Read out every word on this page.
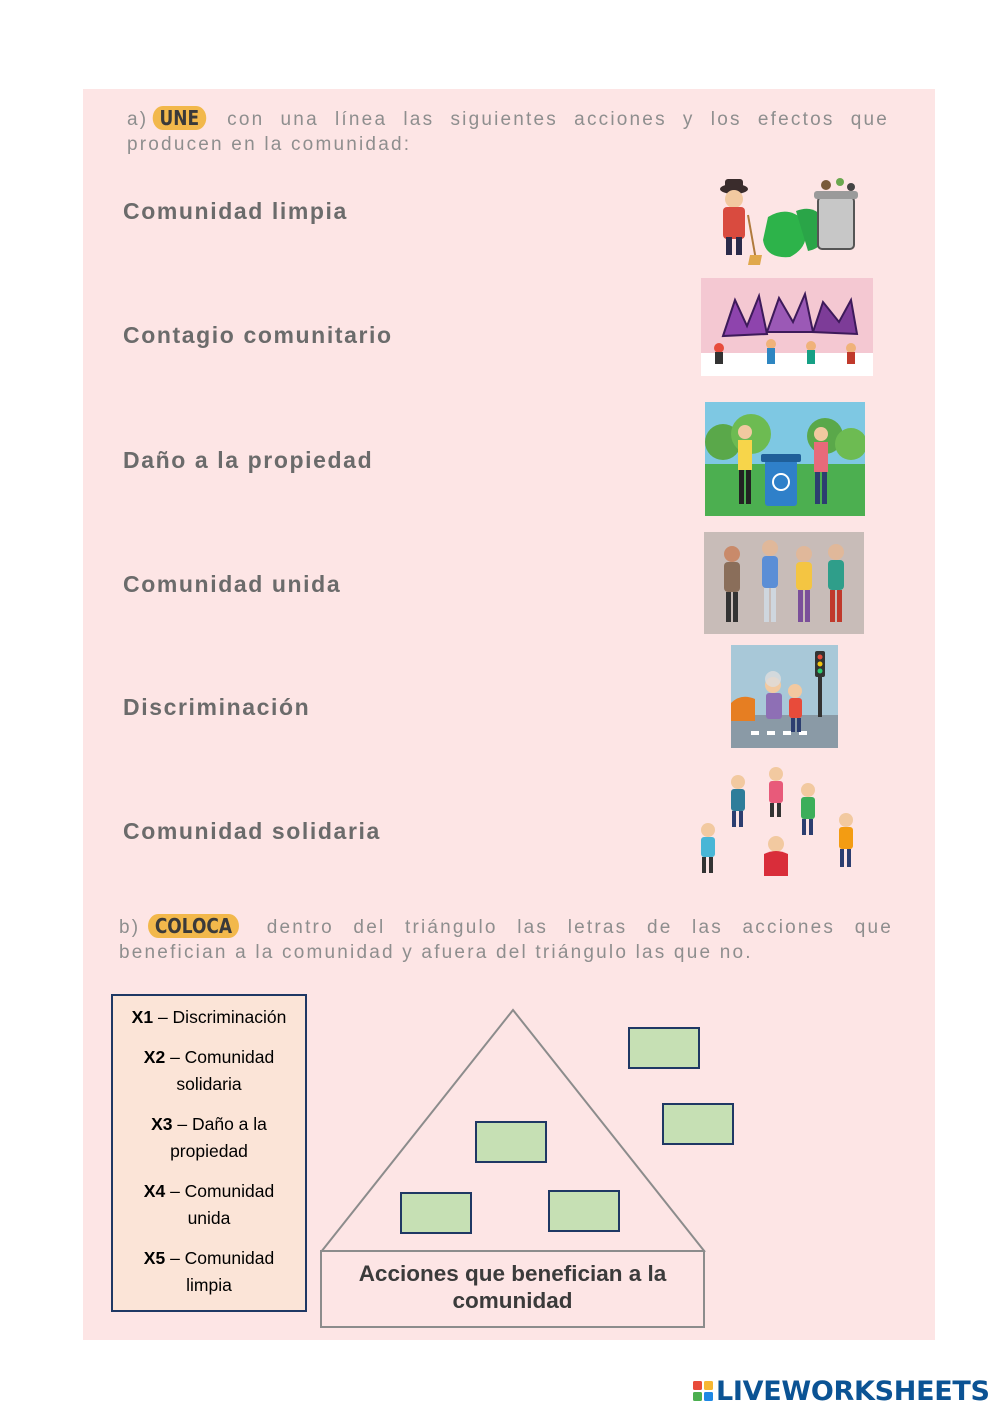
a) UNE con una línea las siguientes acciones y los efectos que
producen en la comunidad:
Comunidad limpia
Contagio comunitario
Daño a la propiedad
Comunidad unida
Discriminación
Comunidad solidaria
b) COLOCA dentro del triángulo las letras de las acciones que
benefician a la comunidad y afuera del triángulo las que no.
X1 – Discriminación
X2 – Comunidad solidaria
X3 – Daño a la propiedad
X4 – Comunidad unida
X5 – Comunidad limpia	Acciones que benefician a la comunidad
LIVEWORKSHEETS
